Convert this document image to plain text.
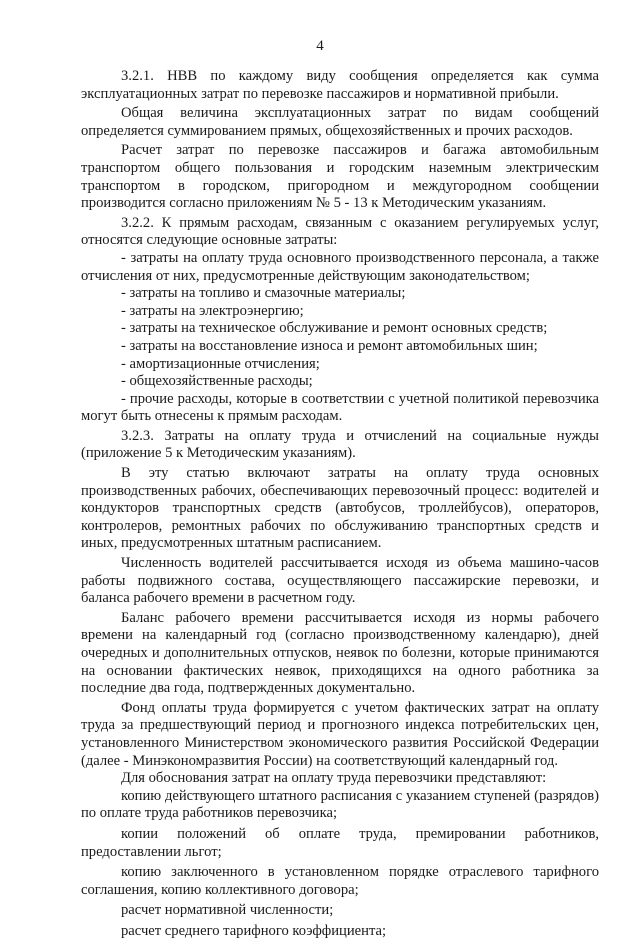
4

3.2.1. НВВ по каждому виду сообщения определяется как сумма эксплуатационных затрат по перевозке пассажиров и нормативной прибыли.

Общая величина эксплуатационных затрат по видам сообщений определяется суммированием прямых, общехозяйственных и прочих расходов.

Расчет затрат по перевозке пассажиров и багажа автомобильным транспортом общего пользования и городским наземным электрическим транспортом в городском, пригородном и междугородном сообщении производится согласно приложениям № 5 - 13 к Методическим указаниям.

3.2.2. К прямым расходам, связанным с оказанием регулируемых услуг, относятся следующие основные затраты:

- затраты на оплату труда основного производственного персонала, а также отчисления от них, предусмотренные действующим законодательством;

- затраты на топливо и смазочные материалы;

- затраты на электроэнергию;

- затраты на техническое обслуживание и ремонт основных средств;

- затраты на восстановление износа и ремонт автомобильных шин;

- амортизационные отчисления;

- общехозяйственные расходы;

- прочие расходы, которые в соответствии с учетной политикой перевозчика могут быть отнесены к прямым расходам.

3.2.3. Затраты на оплату труда и отчислений на социальные нужды (приложение 5 к Методическим указаниям).

В эту статью включают затраты на оплату труда основных производственных рабочих, обеспечивающих перевозочный процесс: водителей и кондукторов транспортных средств (автобусов, троллейбусов), операторов, контролеров, ремонтных рабочих по обслуживанию транспортных средств и иных, предусмотренных штатным расписанием.

Численность водителей рассчитывается исходя из объема машино-часов работы подвижного состава, осуществляющего пассажирские перевозки, и баланса рабочего времени в расчетном году.

Баланс рабочего времени рассчитывается исходя из нормы рабочего времени на календарный год (согласно производственному календарю), дней очередных и дополнительных отпусков, неявок по болезни, которые принимаются на основании фактических неявок, приходящихся на одного работника за последние два года, подтвержденных документально.

Фонд оплаты труда формируется с учетом фактических затрат на оплату труда за предшествующий период и прогнозного индекса потребительских цен, установленного Министерством экономического развития Российской Федерации (далее - Минэкономразвития России) на соответствующий календарный год.

Для обоснования затрат на оплату труда перевозчики представляют:

копию действующего штатного расписания с указанием ступеней (разрядов) по оплате труда работников перевозчика;

копии положений об оплате труда, премировании работников, предоставлении льгот;

копию заключенного в установленном порядке отраслевого тарифного соглашения, копию коллективного договора;

расчет нормативной численности;

расчет среднего тарифного коэффициента;
